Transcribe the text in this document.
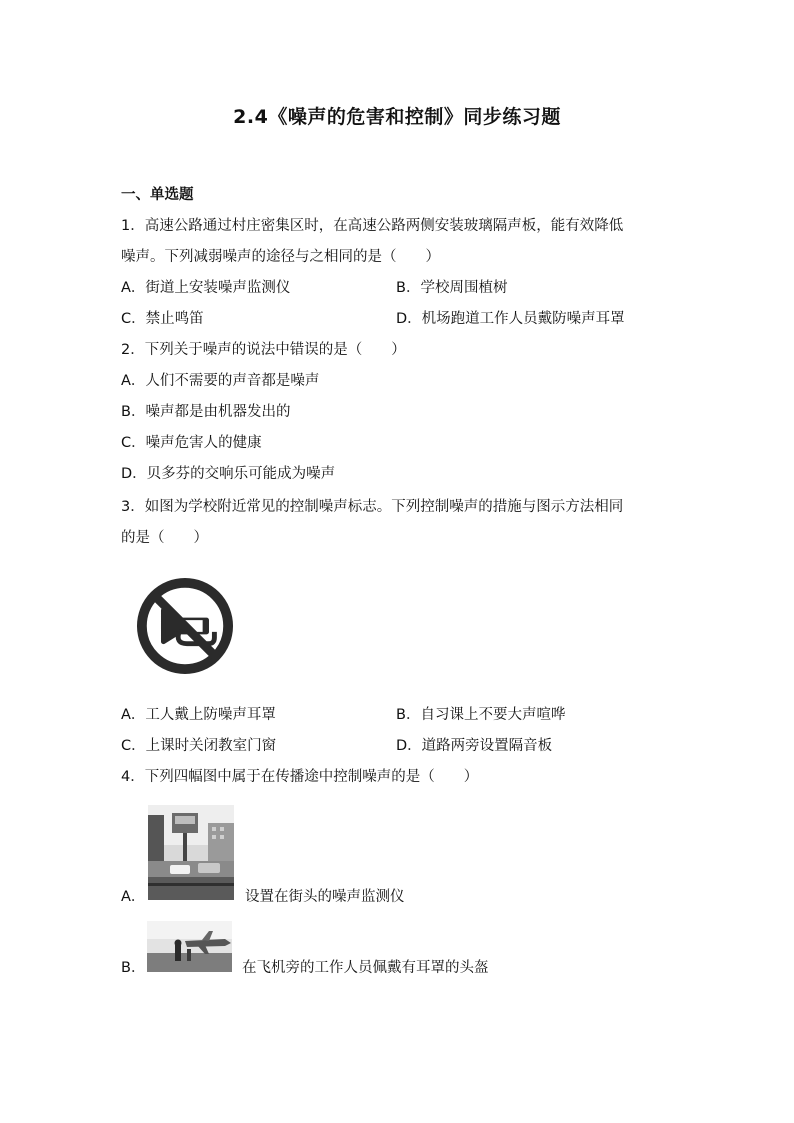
2.4《噪声的危害和控制》同步练习题
一、单选题
1．高速公路通过村庄密集区时，在高速公路两侧安装玻璃隔声板，能有效降低
噪声。下列减弱噪声的途径与之相同的是（　　）
A．街道上安装噪声监测仪	B．学校周围植树
C．禁止鸣笛	D．机场跑道工作人员戴防噪声耳罩
2．下列关于噪声的说法中错误的是（　　）
A．人们不需要的声音都是噪声
B．噪声都是由机器发出的
C．噪声危害人的健康
D．贝多芬的交响乐可能成为噪声
3．如图为学校附近常见的控制噪声标志。下列控制噪声的措施与图示方法相同
的是（　　）
A．工人戴上防噪声耳罩	B．自习课上不要大声喧哗
C．上课时关闭教室门窗	D．道路两旁设置隔音板
4．下列四幅图中属于在传播途中控制噪声的是（　　）
A．	设置在街头的噪声监测仪
B．	在飞机旁的工作人员佩戴有耳罩的头盔
